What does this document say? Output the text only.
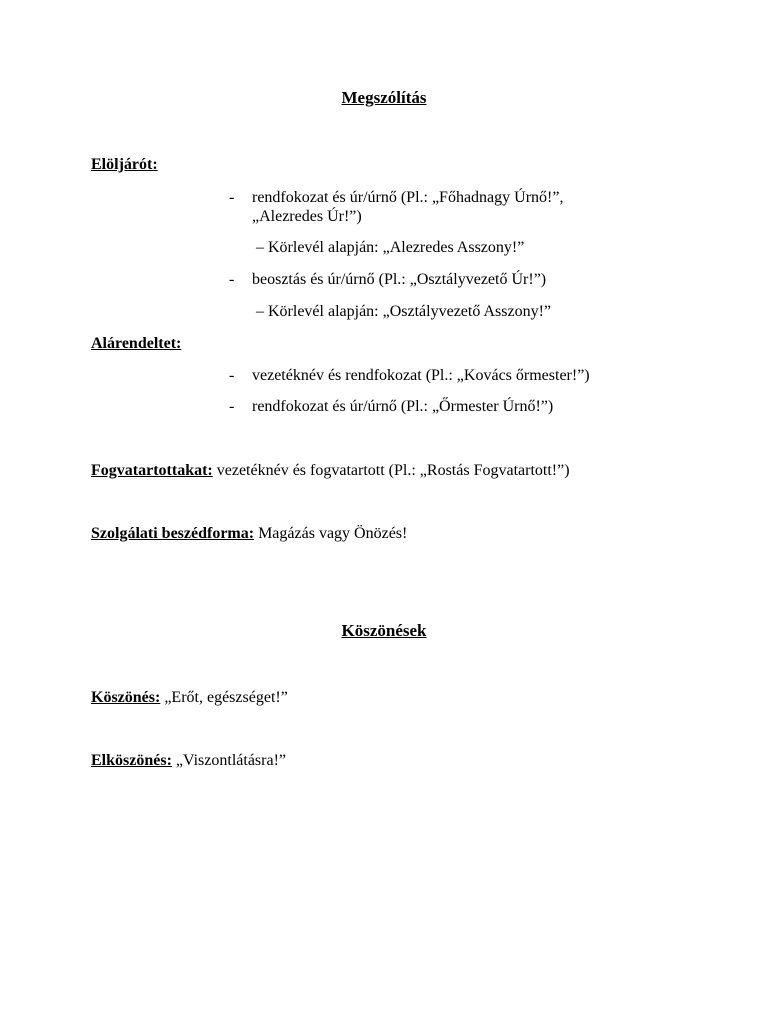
Megszólítás
Elöljárót:
-	rendfokozat és úr/úrnő (Pl.: „Főhadnagy Úrnő!”,
„Alezredes Úr!”)
– Körlevél alapján: „Alezredes Asszony!”
-	beosztás és úr/úrnő (Pl.: „Osztályvezető Úr!”)
– Körlevél alapján: „Osztályvezető Asszony!”
Alárendeltet:
-	vezetéknév és rendfokozat (Pl.: „Kovács őrmester!”)
-	rendfokozat és úr/úrnő (Pl.: „Őrmester Úrnő!”)
Fogvatartottakat: vezetéknév és fogvatartott (Pl.: „Rostás Fogvatartott!”)
Szolgálati beszédforma: Magázás vagy Önözés!
Köszönések
Köszönés: „Erőt, egészséget!”
Elköszönés: „Viszontlátásra!”
